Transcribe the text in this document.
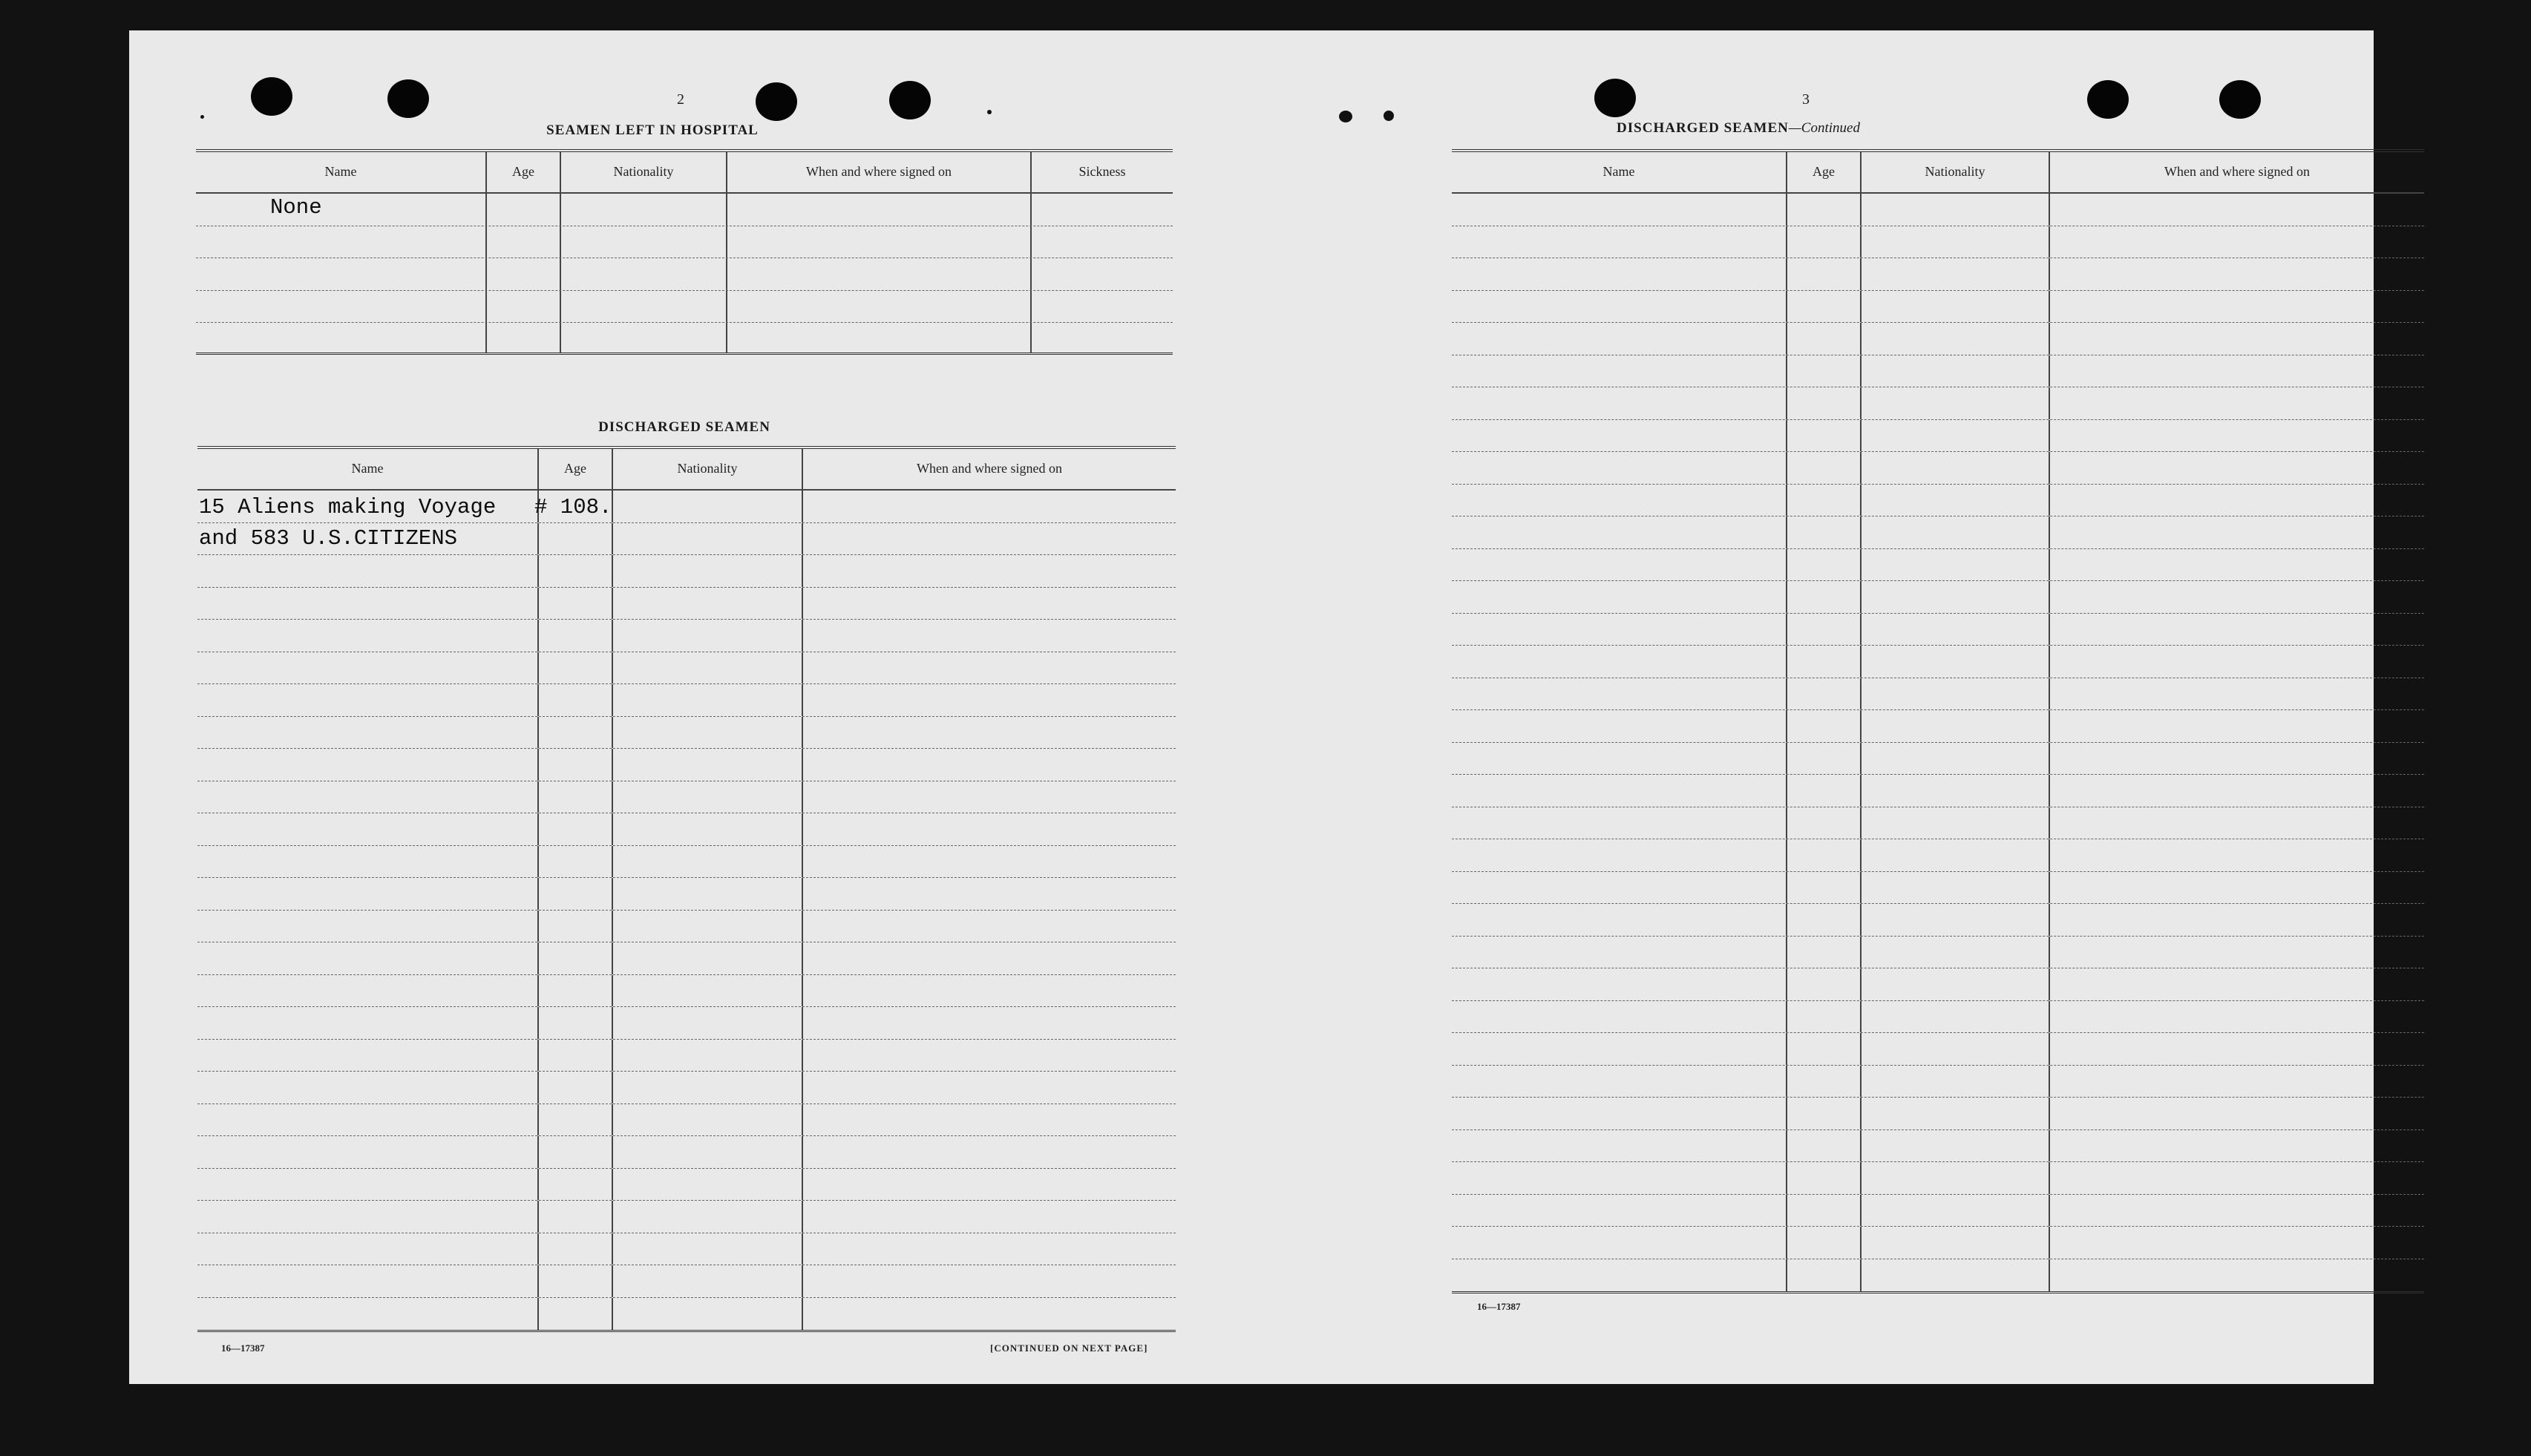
2
SEAMEN LEFT IN HOSPITAL
Name	Age	Nationality	When and where signed on	Sickness
None
DISCHARGED SEAMEN
Name	Age	Nationality	When and where signed on
15 Aliens making Voyage # 108.
and 583 U.S.CITIZENS
16—17387	[CONTINUED ON NEXT PAGE]
3
DISCHARGED SEAMEN—Continued
Name	Age	Nationality	When and where signed on
16—17387
